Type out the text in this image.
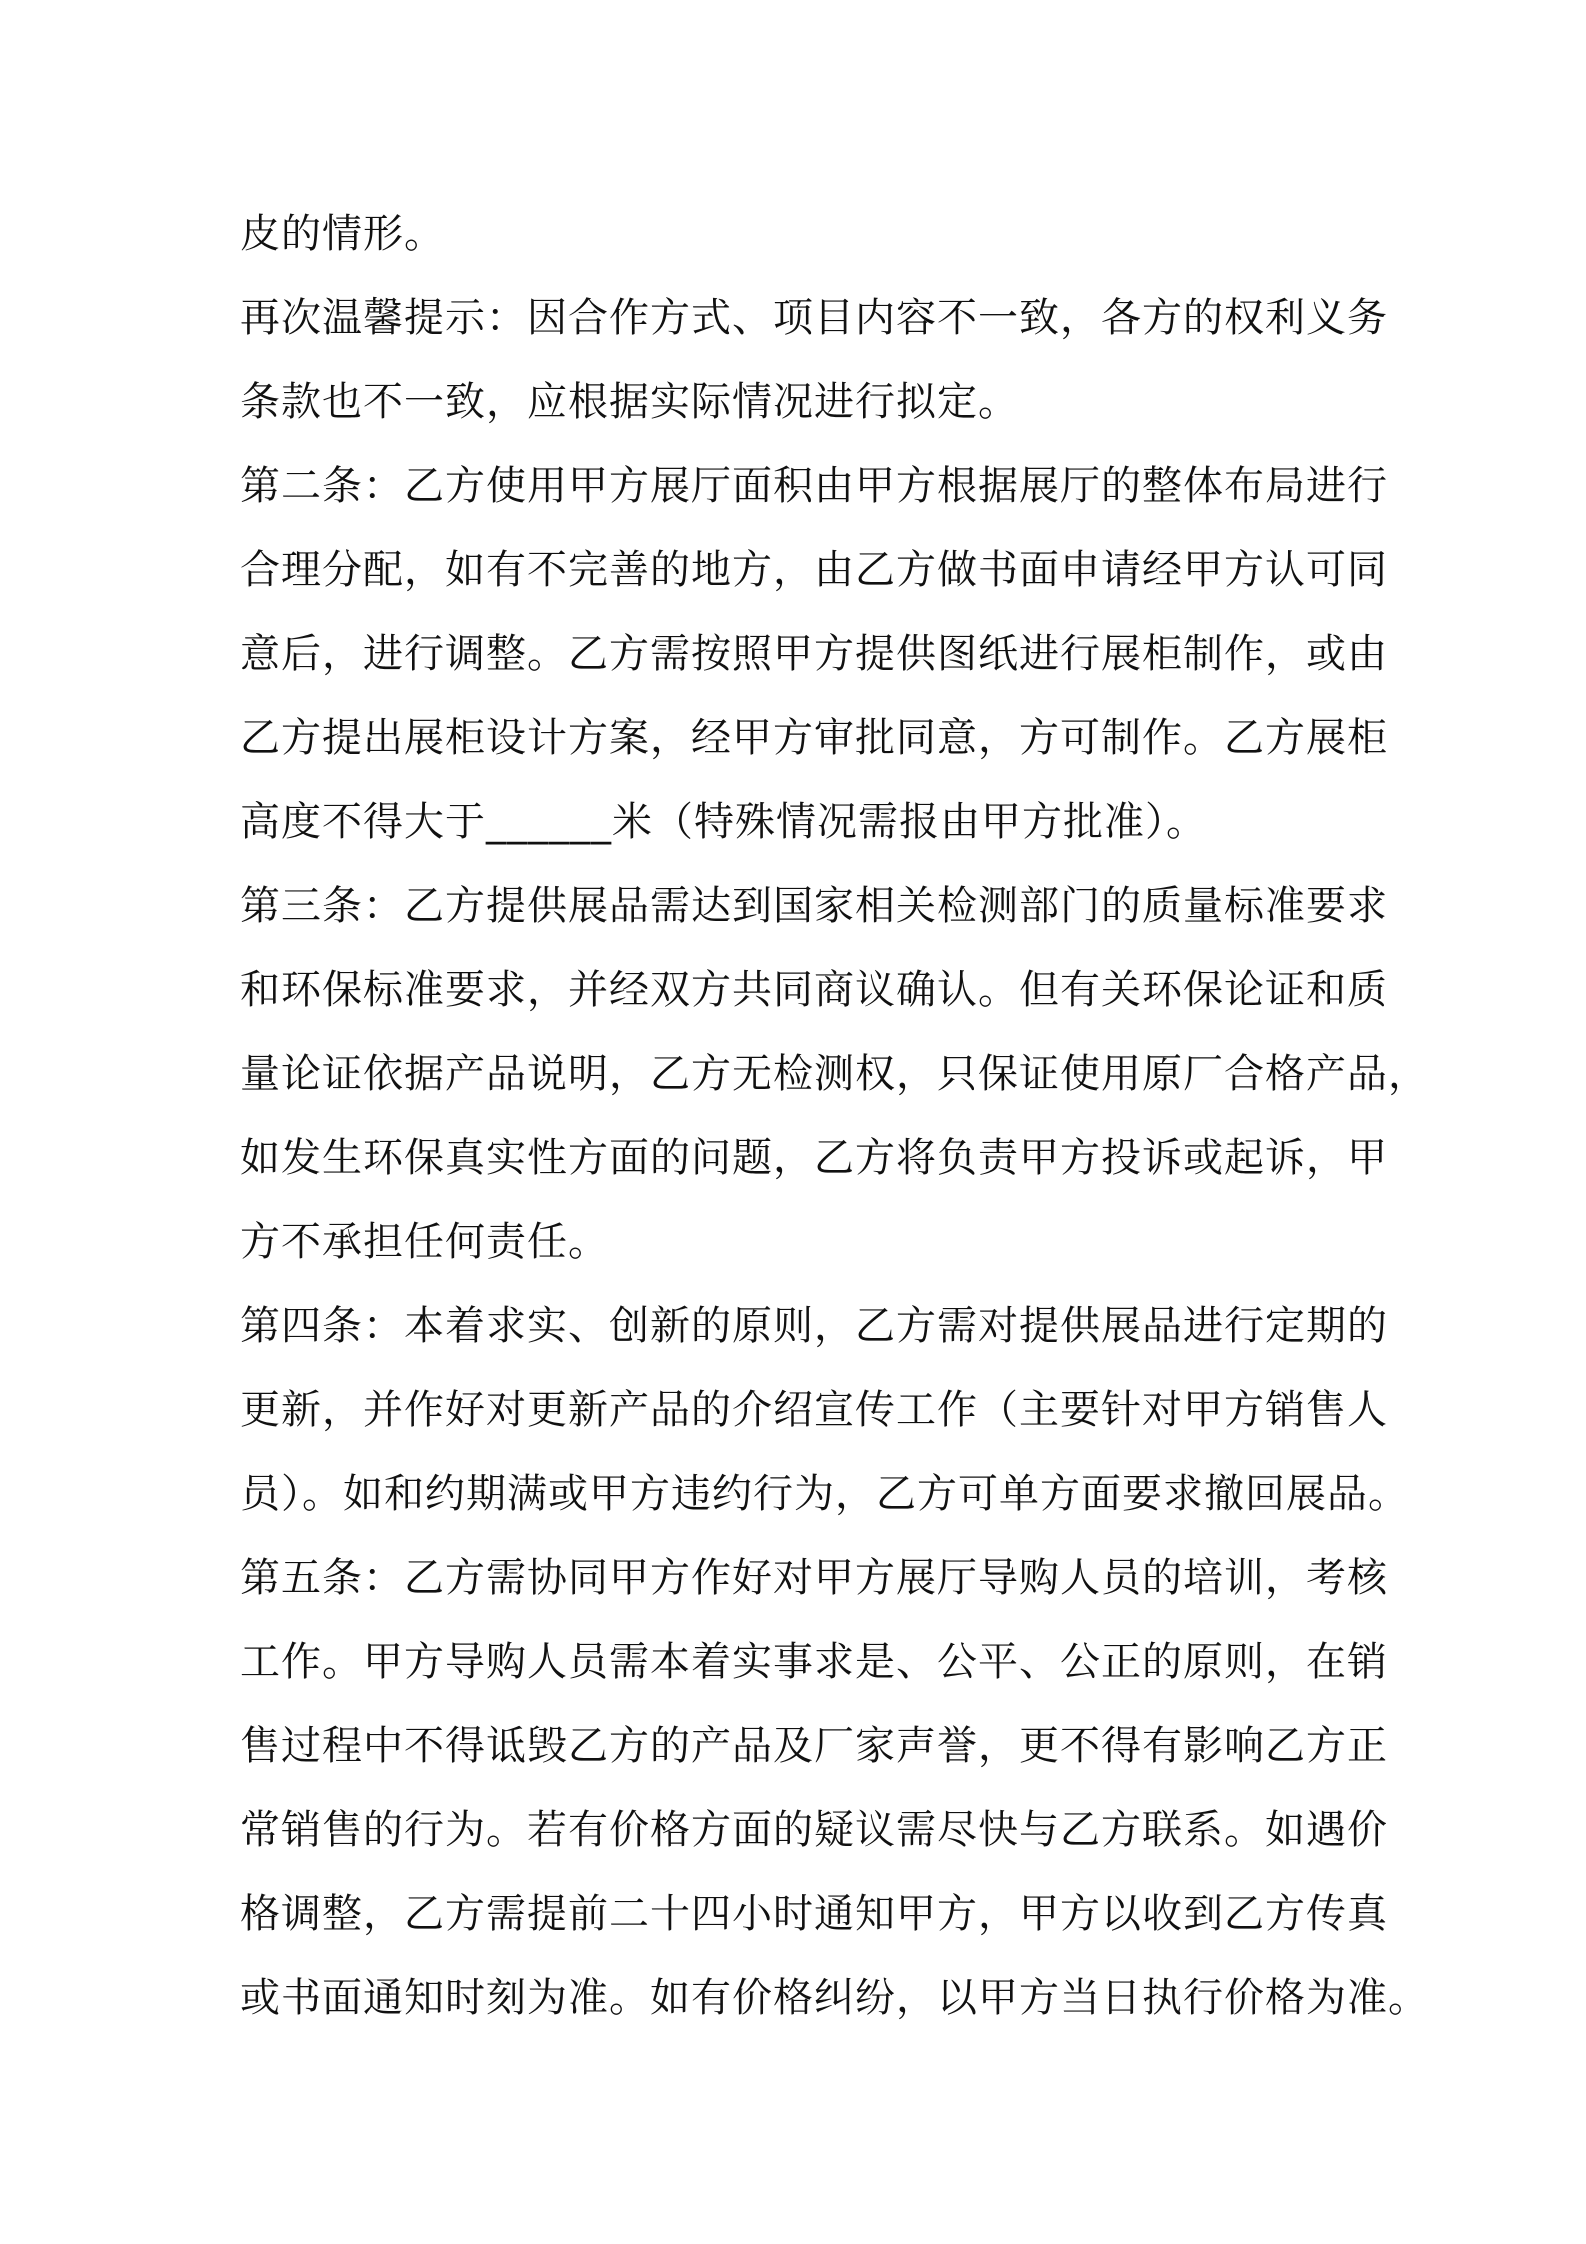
皮的情形。
再次温馨提示：因合作方式、项目内容不一致，各方的权利义务
条款也不一致，应根据实际情况进行拟定。
第二条：乙方使用甲方展厅面积由甲方根据展厅的整体布局进行
合理分配，如有不完善的地方，由乙方做书面申请经甲方认可同
意后，进行调整。乙方需按照甲方提供图纸进行展柜制作，或由
乙方提出展柜设计方案，经甲方审批同意，方可制作。乙方展柜
高度不得大于______米（特殊情况需报由甲方批准）。
第三条：乙方提供展品需达到国家相关检测部门的质量标准要求
和环保标准要求，并经双方共同商议确认。但有关环保论证和质
量论证依据产品说明，乙方无检测权，只保证使用原厂合格产品，
如发生环保真实性方面的问题，乙方将负责甲方投诉或起诉，甲
方不承担任何责任。
第四条：本着求实、创新的原则，乙方需对提供展品进行定期的
更新，并作好对更新产品的介绍宣传工作（主要针对甲方销售人
员）。如和约期满或甲方违约行为，乙方可单方面要求撤回展品。
第五条：乙方需协同甲方作好对甲方展厅导购人员的培训，考核
工作。甲方导购人员需本着实事求是、公平、公正的原则，在销
售过程中不得诋毁乙方的产品及厂家声誉，更不得有影响乙方正
常销售的行为。若有价格方面的疑议需尽快与乙方联系。如遇价
格调整，乙方需提前二十四小时通知甲方，甲方以收到乙方传真
或书面通知时刻为准。如有价格纠纷，以甲方当日执行价格为准。
